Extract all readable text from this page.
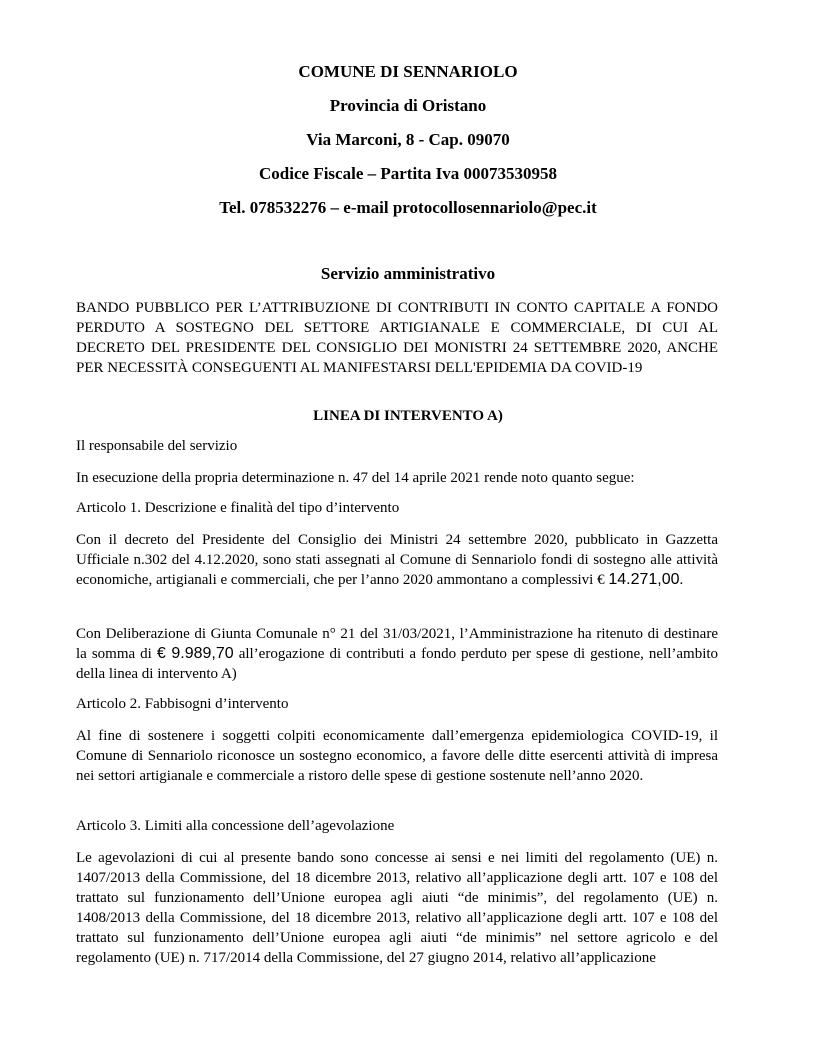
COMUNE DI SENNARIOLO
Provincia di Oristano
Via Marconi, 8 - Cap. 09070
Codice Fiscale – Partita Iva 00073530958
Tel. 078532276 – e-mail protocollosennariolo@pec.it
Servizio amministrativo
BANDO PUBBLICO PER L’ATTRIBUZIONE DI CONTRIBUTI IN CONTO CAPITALE A FONDO PERDUTO A SOSTEGNO DEL SETTORE ARTIGIANALE E COMMERCIALE, DI CUI AL DECRETO DEL PRESIDENTE DEL CONSIGLIO DEI MONISTRI 24 SETTEMBRE 2020, ANCHE PER NECESSITÀ CONSEGUENTI AL MANIFESTARSI DELL'EPIDEMIA DA COVID-19
LINEA DI INTERVENTO A)
Il responsabile del servizio
In esecuzione della propria determinazione n. 47 del 14 aprile 2021 rende noto quanto segue:
Articolo 1. Descrizione e finalità del tipo d’intervento
Con il decreto del Presidente del Consiglio dei Ministri 24 settembre 2020, pubblicato in Gazzetta Ufficiale n.302 del 4.12.2020, sono stati assegnati al Comune di Sennariolo fondi di sostegno alle attività economiche, artigianali e commerciali, che per l’anno 2020 ammontano a complessivi € 14.271,00.
Con Deliberazione di Giunta Comunale n° 21 del 31/03/2021, l’Amministrazione ha ritenuto di destinare la somma di € 9.989,70 all’erogazione di contributi a fondo perduto per spese di gestione, nell’ambito della linea di intervento A)
Articolo 2. Fabbisogni d’intervento
Al fine di sostenere i soggetti colpiti economicamente dall’emergenza epidemiologica COVID-19, il Comune di Sennariolo riconosce un sostegno economico, a favore delle ditte esercenti attività di impresa nei settori artigianale e commerciale a ristoro delle spese di gestione sostenute nell’anno 2020.
Articolo 3. Limiti alla concessione dell’agevolazione
Le agevolazioni di cui al presente bando sono concesse ai sensi e nei limiti del regolamento (UE) n. 1407/2013 della Commissione, del 18 dicembre 2013, relativo all’applicazione degli artt. 107 e 108 del trattato sul funzionamento dell’Unione europea agli aiuti “de minimis”, del regolamento (UE) n. 1408/2013 della Commissione, del 18 dicembre 2013, relativo all’applicazione degli artt. 107 e 108 del trattato sul funzionamento dell’Unione europea agli aiuti “de minimis” nel settore agricolo e del regolamento (UE) n. 717/2014 della Commissione, del 27 giugno 2014, relativo all’applicazione
